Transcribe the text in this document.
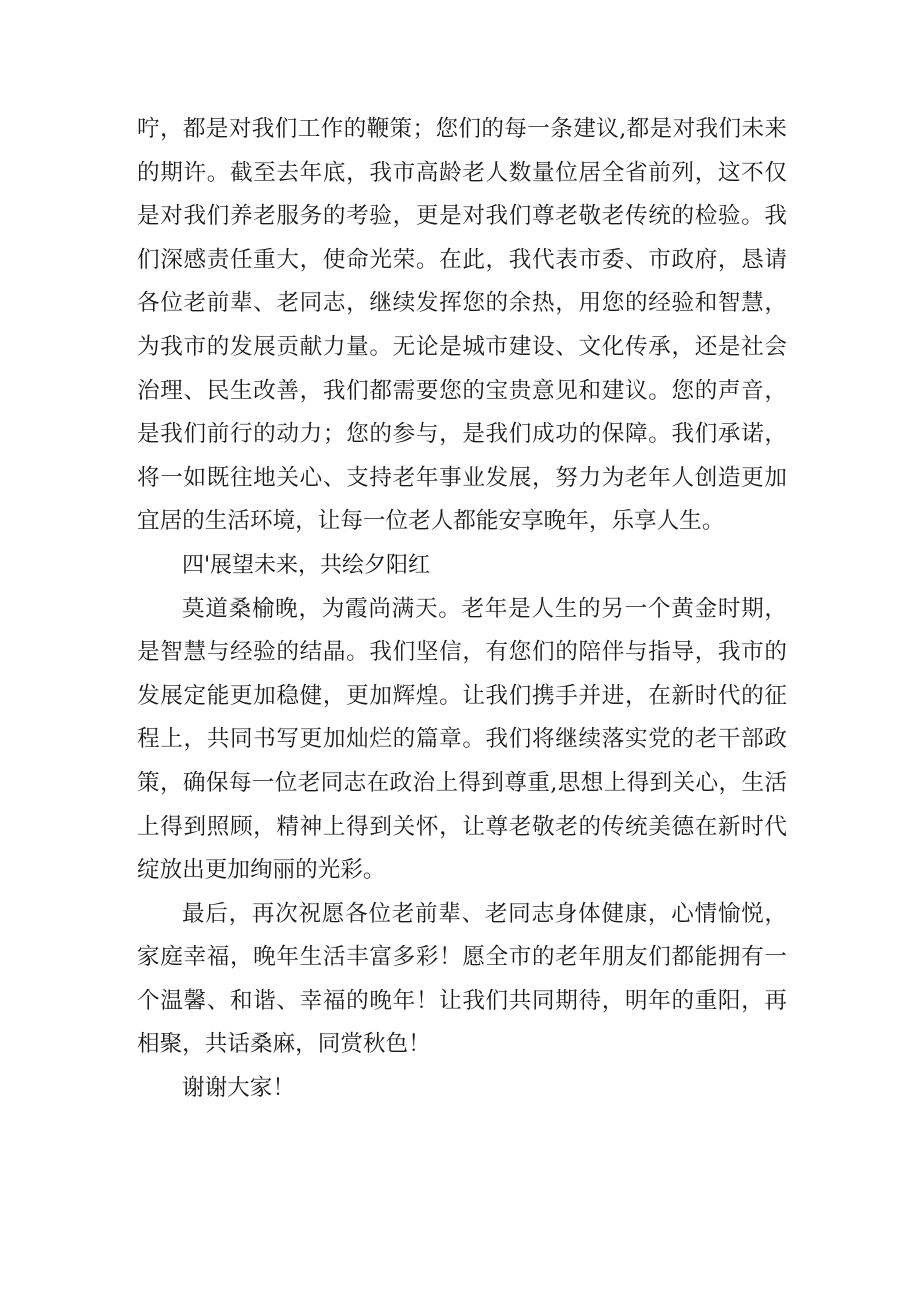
咛，都是对我们工作的鞭策；您们的每一条建议,都是对我们未来的期许。截至去年底，我市高龄老人数量位居全省前列，这不仅是对我们养老服务的考验，更是对我们尊老敬老传统的检验。我们深感责任重大，使命光荣。在此，我代表市委、市政府，恳请各位老前辈、老同志，继续发挥您的余热，用您的经验和智慧，为我市的发展贡献力量。无论是城市建设、文化传承，还是社会治理、民生改善，我们都需要您的宝贵意见和建议。您的声音，是我们前行的动力；您的参与，是我们成功的保障。我们承诺，将一如既往地关心、支持老年事业发展，努力为老年人创造更加宜居的生活环境，让每一位老人都能安享晚年，乐享人生。

四'展望未来，共绘夕阳红

莫道桑榆晚，为霞尚满天。老年是人生的另一个黄金时期，是智慧与经验的结晶。我们坚信，有您们的陪伴与指导，我市的发展定能更加稳健，更加辉煌。让我们携手并进，在新时代的征程上，共同书写更加灿烂的篇章。我们将继续落实党的老干部政策，确保每一位老同志在政治上得到尊重,思想上得到关心，生活上得到照顾，精神上得到关怀，让尊老敬老的传统美德在新时代绽放出更加绚丽的光彩。

最后，再次祝愿各位老前辈、老同志身体健康，心情愉悦，家庭幸福，晚年生活丰富多彩！愿全市的老年朋友们都能拥有一个温馨、和谐、幸福的晚年！让我们共同期待，明年的重阳，再相聚，共话桑麻，同赏秋色！

谢谢大家！
